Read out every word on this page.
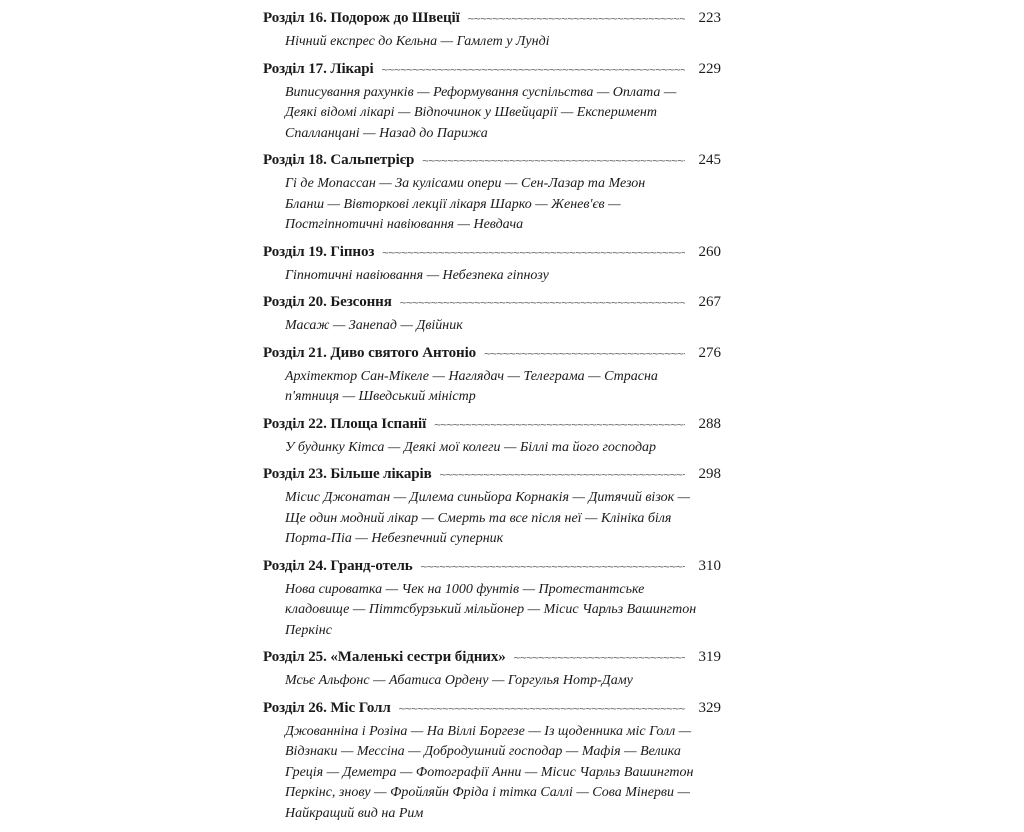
Розділ 16. Подорож до Швеції ~~~~~	223
Нічний експрес до Кельна — Гамлет у Лунді
Розділ 17. Лікарі ~~~~~	229
Виписування рахунків — Реформування суспільства — Оплата —
Деякі відомі лікарі — Відпочинок у Швейцарії — Експеримент
Спалланцані — Назад до Парижа
Розділ 18. Сальпетрієр ~~~~~	245
Гі де Мопассан — За кулісами опери — Сен-Лазар та Мезон
Бланш — Вівторкові лекції лікаря Шарко — Женев'єв —
Постгіпнотичні навіювання — Невдача
Розділ 19. Гіпноз ~~~~~	260
Гіпнотичні навіювання — Небезпека гіпнозу
Розділ 20. Безсоння ~~~~~	267
Масаж — Занепад — Двійник
Розділ 21. Диво святого Антоніо ~~~~~	276
Архітектор Сан-Мікеле — Наглядач — Телеграма — Страсна
п'ятниця — Шведський міністр
Розділ 22. Площа Іспанії ~~~~~	288
У будинку Кітса — Деякі мої колеги — Біллі та його господар
Розділ 23. Більше лікарів ~~~~~	298
Місис Джонатан — Дилема синьйора Корнакія — Дитячий візок —
Ще один модний лікар — Смерть та все після неї — Клініка біля
Порта-Піа — Небезпечний суперник
Розділ 24. Гранд-отель ~~~~~	310
Нова сироватка — Чек на 1000 фунтів — Протестантське
кладовище — Піттсбурзький мільйонер — Місис Чарльз Вашингтон
Перкінс
Розділ 25. «Маленькі сестри бідних» ~~~~~	319
Мсьє Альфонс — Абатиса Ордену — Горгулья Нотр-Даму
Розділ 26. Міс Голл ~~~~~	329
Джованніна і Розіна — На Віллі Боргезе — Із щоденника міс Голл —
Відзнаки — Мессіна — Добродушний господар — Мафія — Велика
Греція — Деметра — Фотографії Анни — Місис Чарльз Вашингтон
Перкінс, знову — Фройляйн Фріда і тітка Саллі — Сова Мінерви —
Найкращий вид на Рим
